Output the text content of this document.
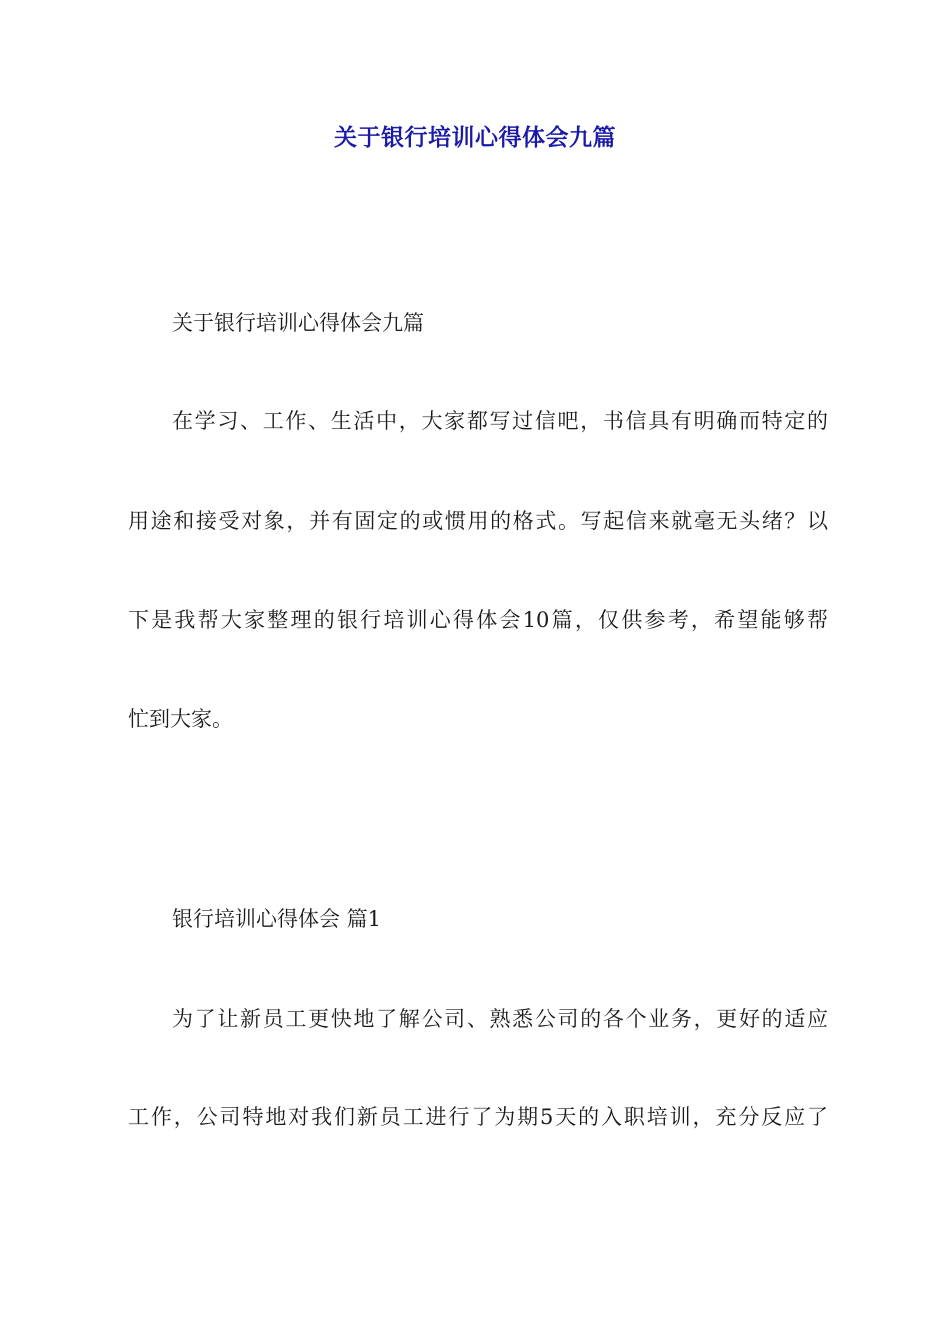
关于银行培训心得体会九篇
关于银行培训心得体会九篇
在学习、工作、生活中，大家都写过信吧，书信具有明确而特定的
用途和接受对象，并有固定的或惯用的格式。写起信来就毫无头绪？以
下是我帮大家整理的银行培训心得体会10篇，仅供参考，希望能够帮
忙到大家。
银行培训心得体会 篇1
为了让新员工更快地了解公司、熟悉公司的各个业务，更好的适应
工作，公司特地对我们新员工进行了为期5天的入职培训，充分反应了
